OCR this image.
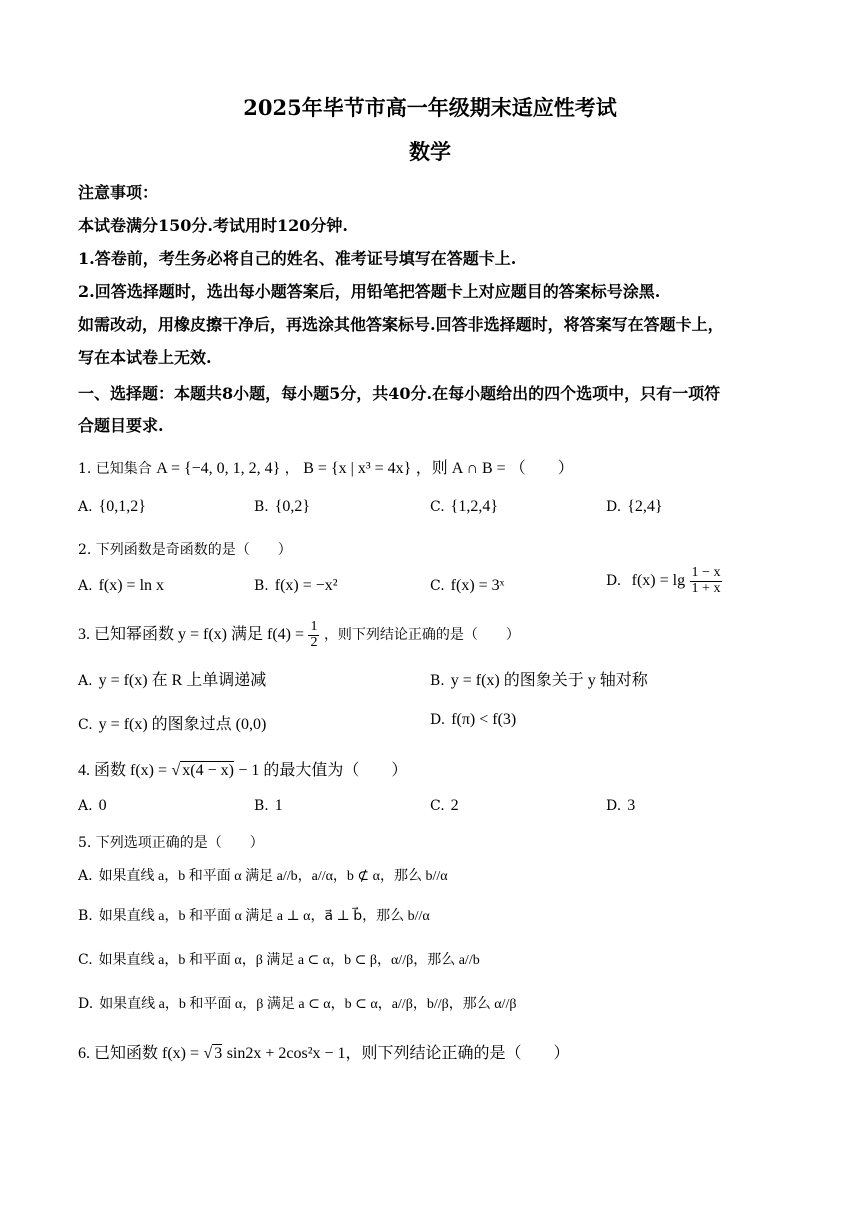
2025年毕节市高一年级期末适应性考试
数学
注意事项：
本试卷满分150分.考试用时120分钟.
1.答卷前，考生务必将自己的姓名、准考证号填写在答题卡上.
2.回答选择题时，选出每小题答案后，用铅笔把答题卡上对应题目的答案标号涂黑.
如需改动，用橡皮擦干净后，再选涂其他答案标号.回答非选择题时，将答案写在答题卡上，
写在本试卷上无效.
一、选择题：本题共8小题，每小题5分，共40分.在每小题给出的四个选项中，只有一项符
合题目要求.
1. 已知集合 A = {−4, 0, 1, 2, 4} ， B = {x | x³ = 4x} ，则 A ∩ B = （　　）
A. {0,1,2}	B. {0,2}	C. {1,2,4}	D. {2,4}
2. 下列函数是奇函数的是（　　）
A. f(x) = ln x	B. f(x) = −x²	C. f(x) = 3ˣ	D. $f(x) = \lg \frac{1 - x}{1 + x}$
3. 已知幂函数 y = f(x) 满足 $f(4) = \frac{1}{2}$ ，则下列结论正确的是（　　）
A. y = f(x) 在 R 上单调递减	B. y = f(x) 的图象关于 y 轴对称
C. y = f(x) 的图象过点 (0,0)	D. f(π) < f(3)
4. 函数 f(x) = √ x(4 − x) − 1 的最大值为（　　）
A. 0	B. 1	C. 2	D. 3
5. 下列选项正确的是（　　）
A. 如果直线 a，b 和平面 α 满足 a//b，a//α，b ⊄ α，那么 b//α
B. 如果直线 a，b 和平面 α 满足 a ⊥ α，a⃗ ⊥ b⃗，那么 b//α
C. 如果直线 a，b 和平面 α，β 满足 a ⊂ α，b ⊂ β，α//β，那么 a//b
D. 如果直线 a，b 和平面 α，β 满足 a ⊂ α，b ⊂ α，a//β，b//β，那么 α//β
6. 已知函数 f(x) = √ 3 sin2x + 2cos²x − 1，则下列结论正确的是（　　）
